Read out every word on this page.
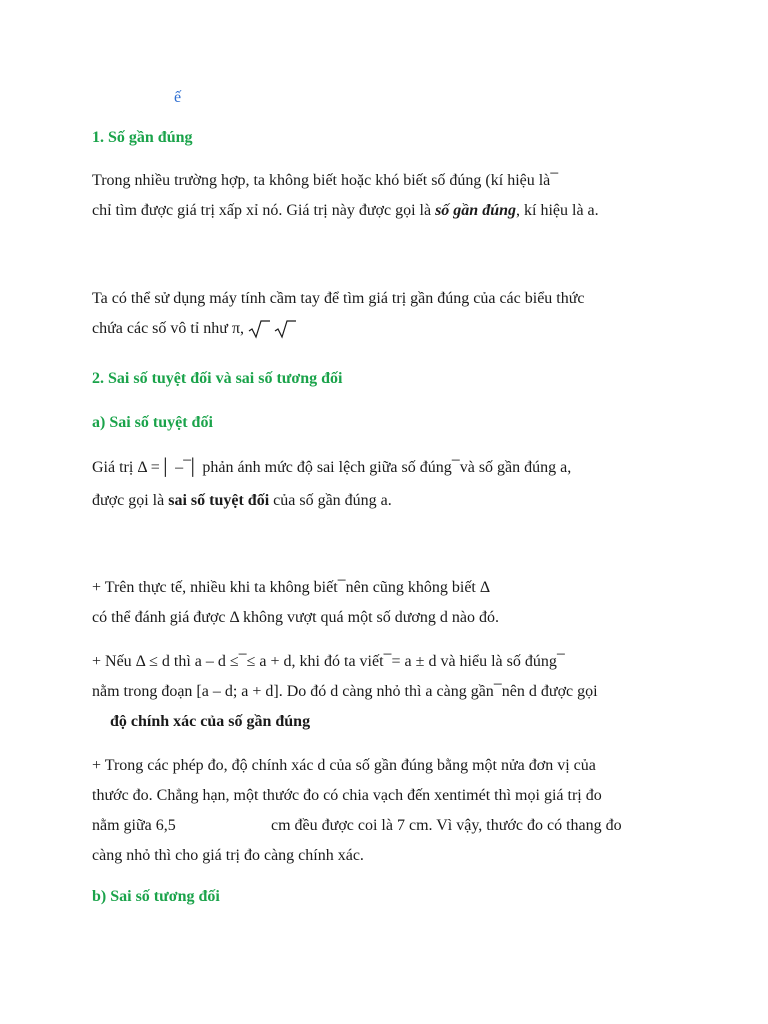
ế
1. Số gần đúng
Trong nhiều trường hợp, ta không biết hoặc khó biết số đúng (kí hiệu là ̅
chỉ tìm được giá trị xấp xỉ nó. Giá trị này được gọi là số gần đúng, kí hiệu là a.
Ta có thể sử dụng máy tính cầm tay để tìm giá trị gần đúng của các biểu thức
chứa các số vô tỉ như π,

2. Sai số tuyệt đối và sai số tương đối
a) Sai số tuyệt đối
Giá trị Δ =│ – ̅│ phản ánh mức độ sai lệch giữa số đúng ̅ và số gần đúng a,
được gọi là sai số tuyệt đối của số gần đúng a.
+ Trên thực tế, nhiều khi ta không biết ̅ nên cũng không biết Δ
có thể đánh giá được Δ không vượt quá một số dương d nào đó.
+ Nếu Δ ≤ d thì a – d ≤ ̅ ≤ a + d, khi đó ta viết ̅ = a ± d và hiểu là số đúng ̅
nằm trong đoạn [a – d; a + d]. Do đó d càng nhỏ thì a càng gần ̅ nên d được gọi
độ chính xác của số gần đúng
+ Trong các phép đo, độ chính xác d của số gần đúng bằng một nửa đơn vị của
thước đo. Chẳng hạn, một thước đo có chia vạch đến xentimét thì mọi giá trị đo
nằm giữa 6,5	cm đều được coi là 7 cm. Vì vậy, thước đo có thang đo
càng nhỏ thì cho giá trị đo càng chính xác.
b) Sai số tương đối
